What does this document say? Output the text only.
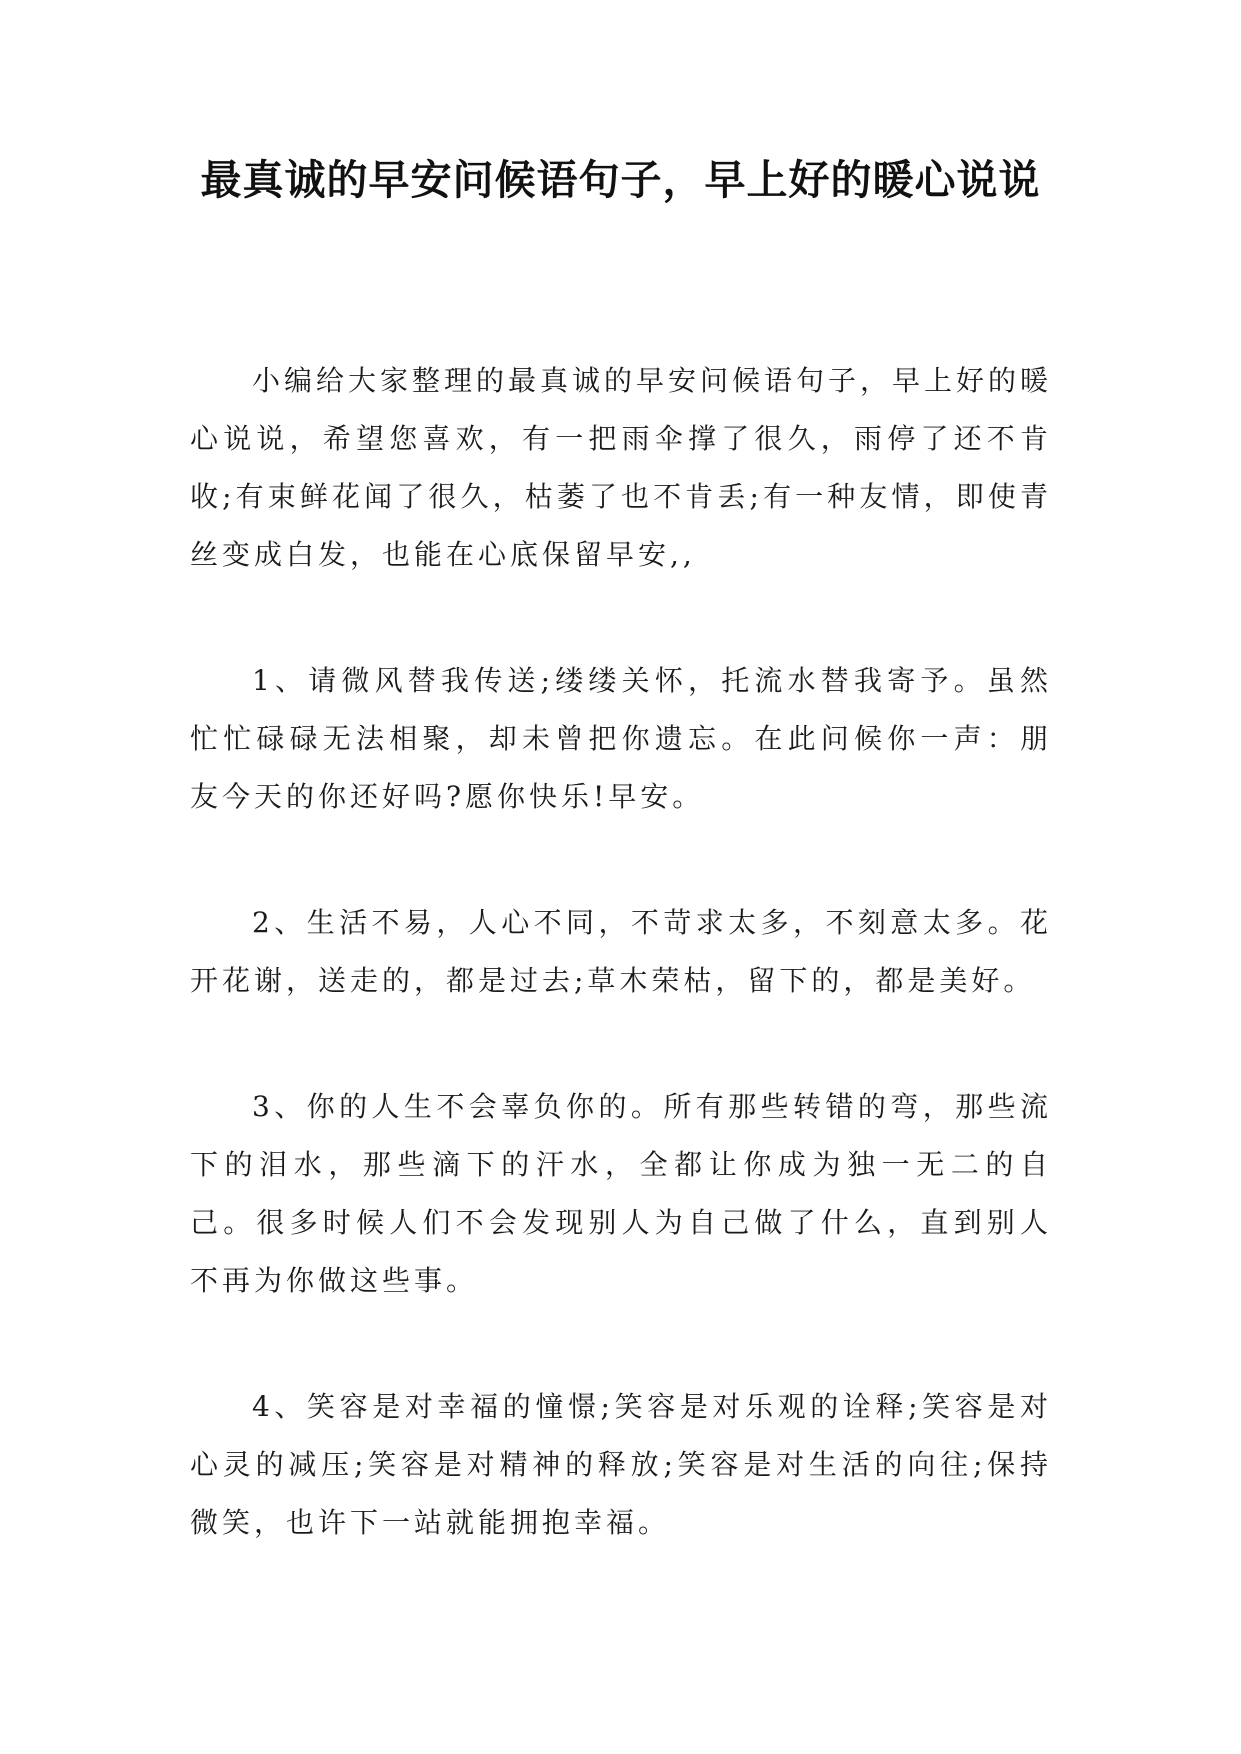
最真诚的早安问候语句子，早上好的暖心说说

小编给大家整理的最真诚的早安问候语句子，早上好的暖心说说，希望您喜欢，有一把雨伞撑了很久，雨停了还不肯收;有束鲜花闻了很久，枯萎了也不肯丢;有一种友情，即使青丝变成白发，也能在心底保留早安,,

1、请微风替我传送;缕缕关怀，托流水替我寄予。虽然忙忙碌碌无法相聚，却未曾把你遗忘。在此问候你一声：朋友今天的你还好吗?愿你快乐!早安。

2、生活不易，人心不同，不苛求太多，不刻意太多。花开花谢，送走的，都是过去;草木荣枯，留下的，都是美好。

3、你的人生不会辜负你的。所有那些转错的弯，那些流下的泪水，那些滴下的汗水，全都让你成为独一无二的自己。很多时候人们不会发现别人为自己做了什么，直到别人不再为你做这些事。

4、笑容是对幸福的憧憬;笑容是对乐观的诠释;笑容是对心灵的减压;笑容是对精神的释放;笑容是对生活的向往;保持微笑，也许下一站就能拥抱幸福。
